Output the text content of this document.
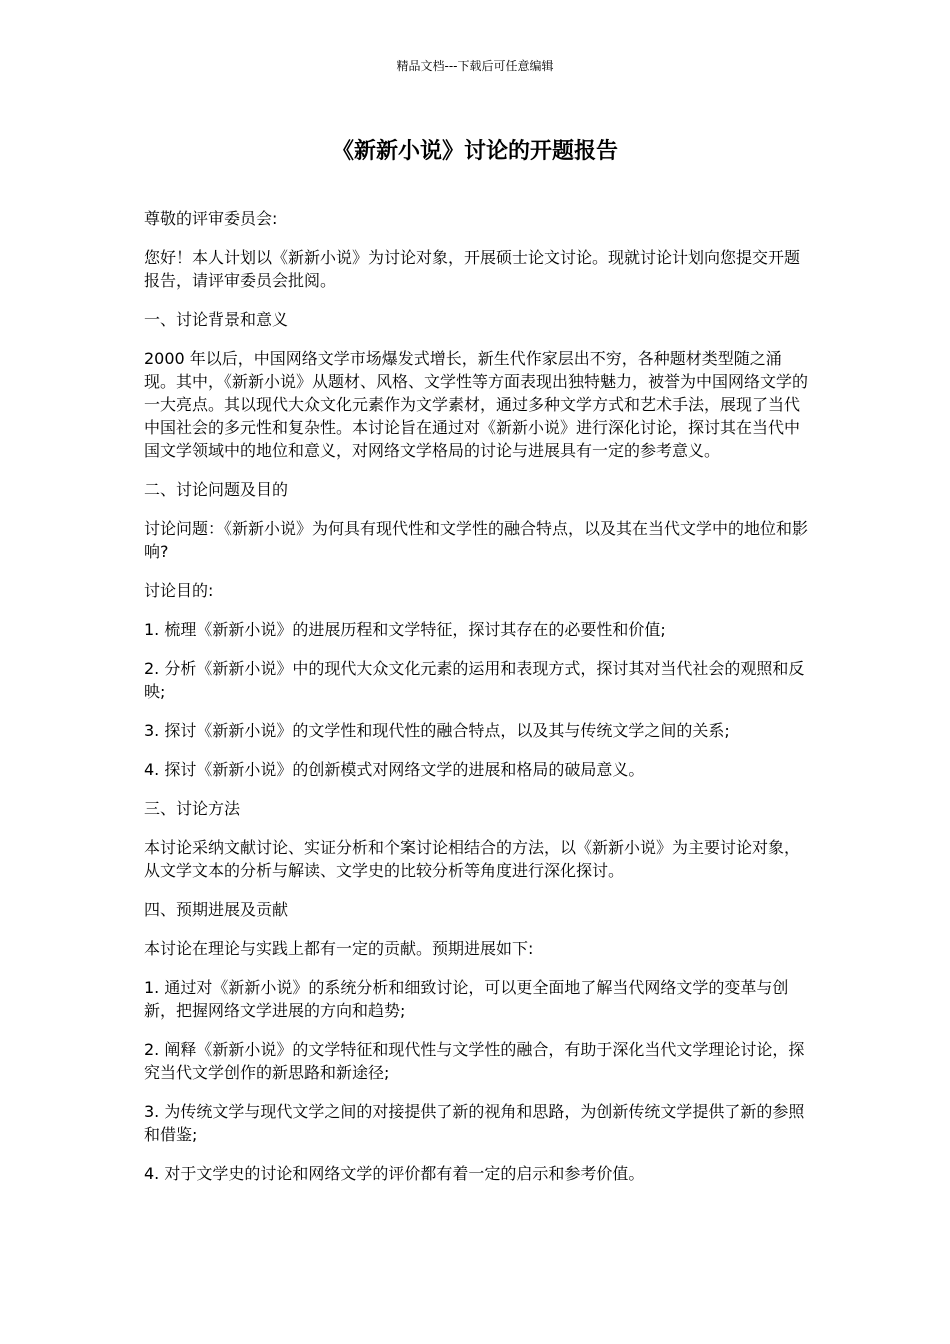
精品文档---下载后可任意编辑
《新新小说》讨论的开题报告

尊敬的评审委员会:

您好！本人计划以《新新小说》为讨论对象，开展硕士论文讨论。现就讨论计划向您提交开题报告，请评审委员会批阅。

一、讨论背景和意义

2000 年以后，中国网络文学市场爆发式增长，新生代作家层出不穷，各种题材类型随之涌现。其中，《新新小说》从题材、风格、文学性等方面表现出独特魅力，被誉为中国网络文学的一大亮点。其以现代大众文化元素作为文学素材，通过多种文学方式和艺术手法，展现了当代中国社会的多元性和复杂性。本讨论旨在通过对《新新小说》进行深化讨论，探讨其在当代中国文学领域中的地位和意义，对网络文学格局的讨论与进展具有一定的参考意义。

二、讨论问题及目的

讨论问题：《新新小说》为何具有现代性和文学性的融合特点，以及其在当代文学中的地位和影响?

讨论目的:

1. 梳理《新新小说》的进展历程和文学特征，探讨其存在的必要性和价值;

2. 分析《新新小说》中的现代大众文化元素的运用和表现方式，探讨其对当代社会的观照和反映;

3. 探讨《新新小说》的文学性和现代性的融合特点，以及其与传统文学之间的关系;

4. 探讨《新新小说》的创新模式对网络文学的进展和格局的破局意义。

三、讨论方法

本讨论采纳文献讨论、实证分析和个案讨论相结合的方法，以《新新小说》为主要讨论对象，从文学文本的分析与解读、文学史的比较分析等角度进行深化探讨。

四、预期进展及贡献

本讨论在理论与实践上都有一定的贡献。预期进展如下:

1. 通过对《新新小说》的系统分析和细致讨论，可以更全面地了解当代网络文学的变革与创新，把握网络文学进展的方向和趋势;

2. 阐释《新新小说》的文学特征和现代性与文学性的融合，有助于深化当代文学理论讨论，探究当代文学创作的新思路和新途径;

3. 为传统文学与现代文学之间的对接提供了新的视角和思路，为创新传统文学提供了新的参照和借鉴;

4. 对于文学史的讨论和网络文学的评价都有着一定的启示和参考价值。
